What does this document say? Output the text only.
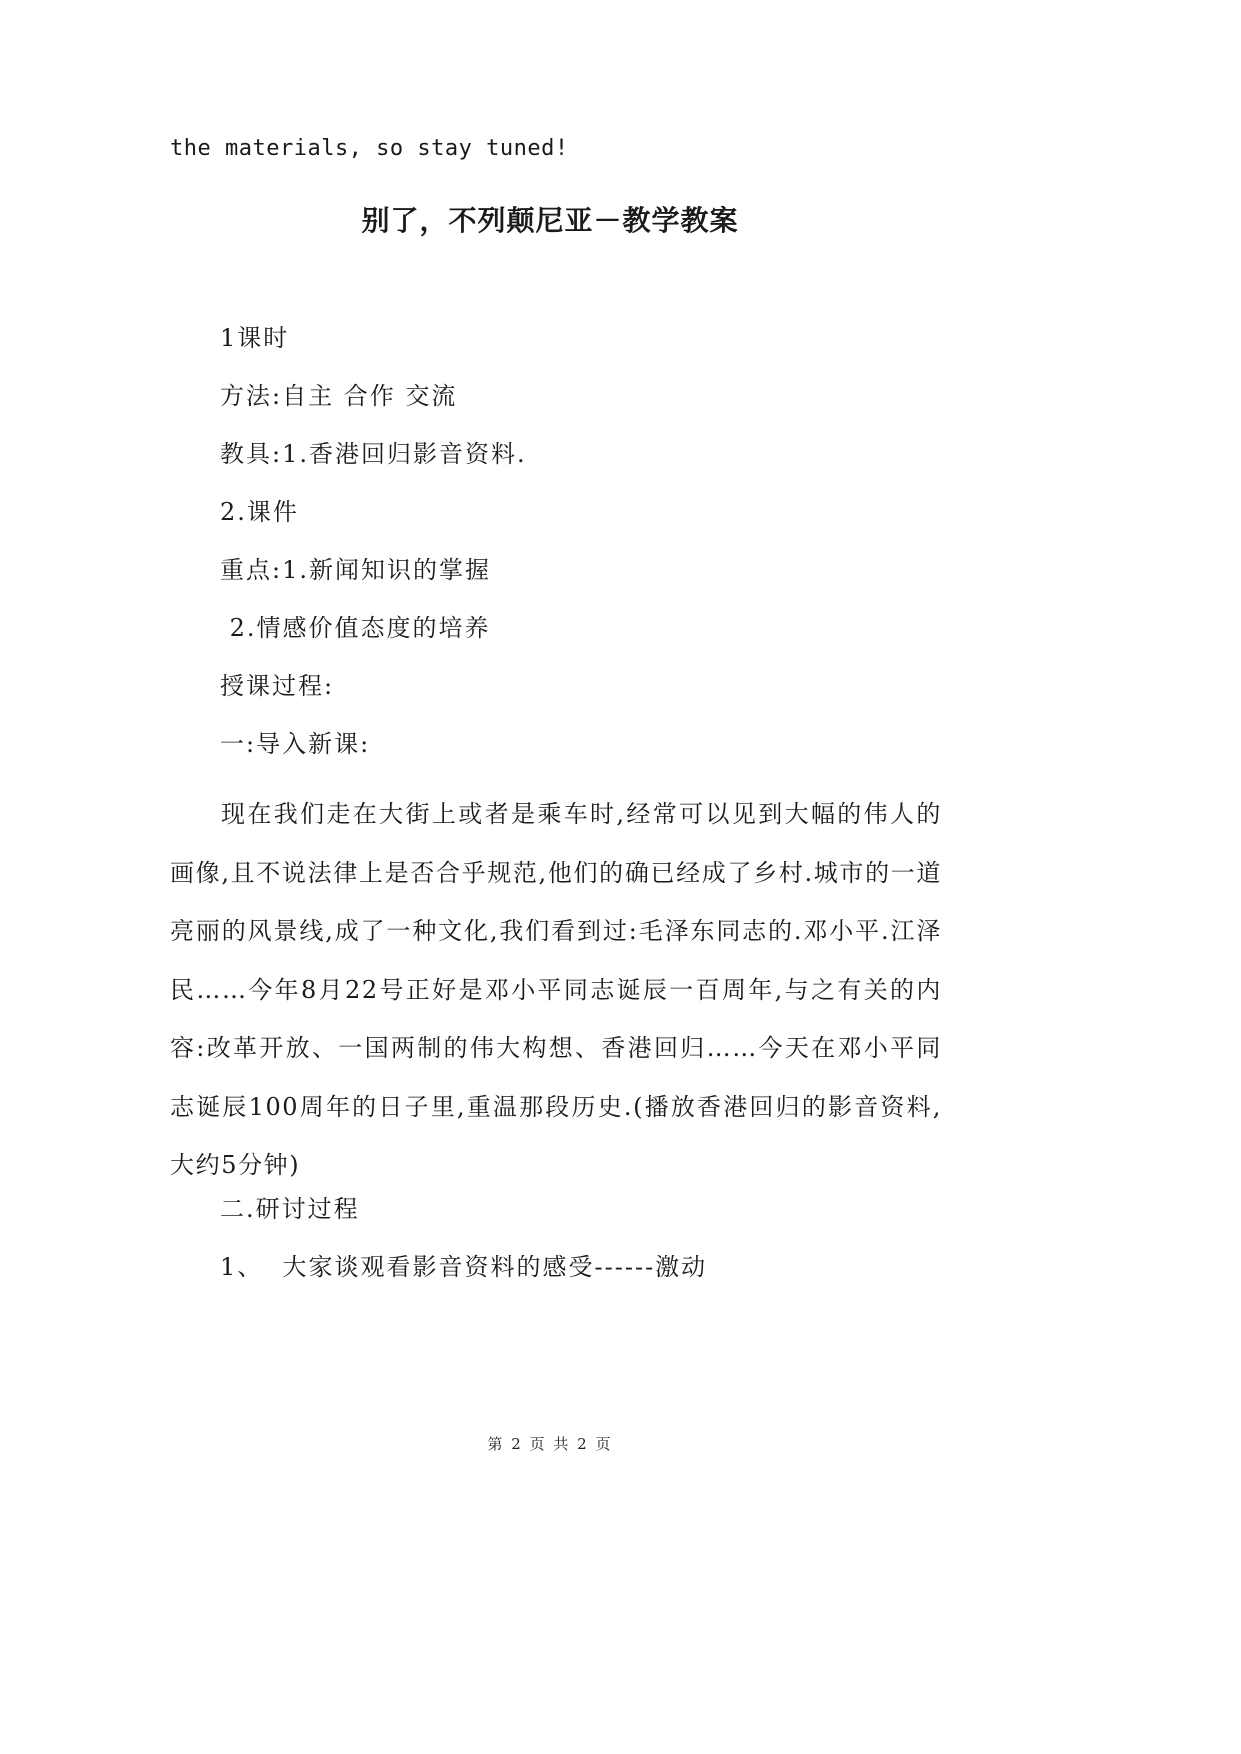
the materials, so stay tuned!
别了，不列颠尼亚－教学教案
1课时
方法:自主 合作 交流
教具:1.香港回归影音资料.
2.课件
重点:1.新闻知识的掌握
2.情感价值态度的培养
授课过程:
一:导入新课:
现在我们走在大街上或者是乘车时,经常可以见到大幅的伟人的画像,且不说法律上是否合乎规范,他们的确已经成了乡村.城市的一道亮丽的风景线,成了一种文化,我们看到过:毛泽东同志的.邓小平.江泽民……今年8月22号正好是邓小平同志诞辰一百周年,与之有关的内容:改革开放、一国两制的伟大构想、香港回归……今天在邓小平同志诞辰100周年的日子里,重温那段历史.(播放香港回归的影音资料,大约5分钟)
二.研讨过程
1、  大家谈观看影音资料的感受------激动
第 2 页 共 2 页
